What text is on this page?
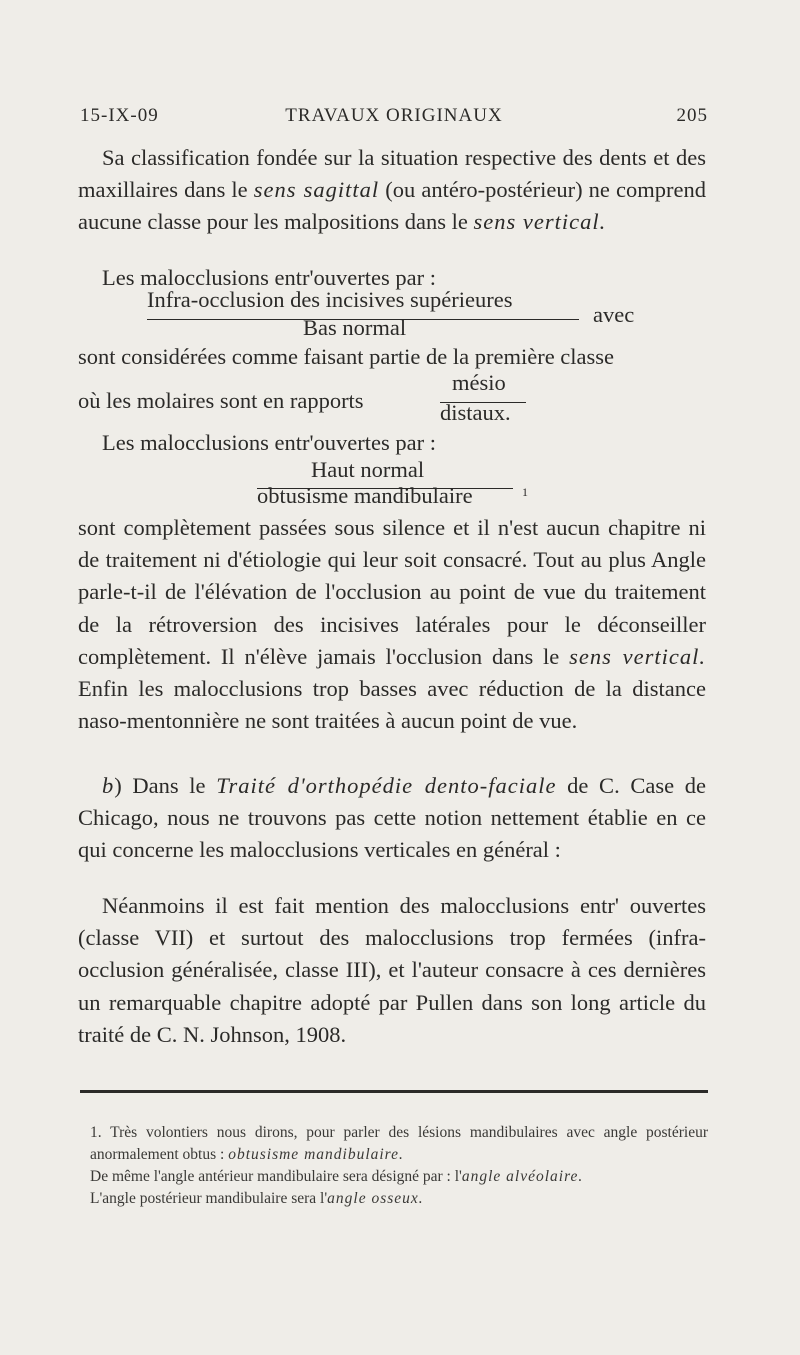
15-IX-09	TRAVAUX ORIGINAUX	205

Sa classification fondée sur la situation respective des dents et des maxillaires dans le sens sagittal (ou antéro-postérieur) ne comprend aucune classe pour les malpositions dans le sens vertical.

Les malocclusions entr'ouvertes par :

Infra-occlusion des incisives supérieures
Bas normal
avec

sont considérées comme faisant partie de la première classe

où les molaires sont en rapports
mésio
distaux.

Les malocclusions entr'ouvertes par :

Haut normal
obtusisme mandibulaire	1

sont complètement passées sous silence et il n'est aucun chapitre ni de traitement ni d'étiologie qui leur soit consacré. Tout au plus Angle parle-t-il de l'élévation de l'occlusion au point de vue du traitement de la rétroversion des incisives latérales pour le déconseiller complètement. Il n'élève jamais l'occlusion dans le sens vertical. Enfin les malocclusions trop basses avec réduction de la distance naso-mentonnière ne sont traitées à aucun point de vue.

b) Dans le Traité d'orthopédie dento-faciale de C. Case de Chicago, nous ne trouvons pas cette notion nettement établie en ce qui concerne les malocclusions verticales en général :

Néanmoins il est fait mention des malocclusions entr' ouvertes (classe VII) et surtout des malocclusions trop fermées (infra-occlusion généralisée, classe III), et l'auteur consacre à ces dernières un remarquable chapitre adopté par Pullen dans son long article du traité de C. N. Johnson, 1908.

1. Très volontiers nous dirons, pour parler des lésions mandibulaires avec angle postérieur anormalement obtus : obtusisme mandibulaire.

De même l'angle antérieur mandibulaire sera désigné par : l'angle alvéolaire.

L'angle postérieur mandibulaire sera l'angle osseux.
